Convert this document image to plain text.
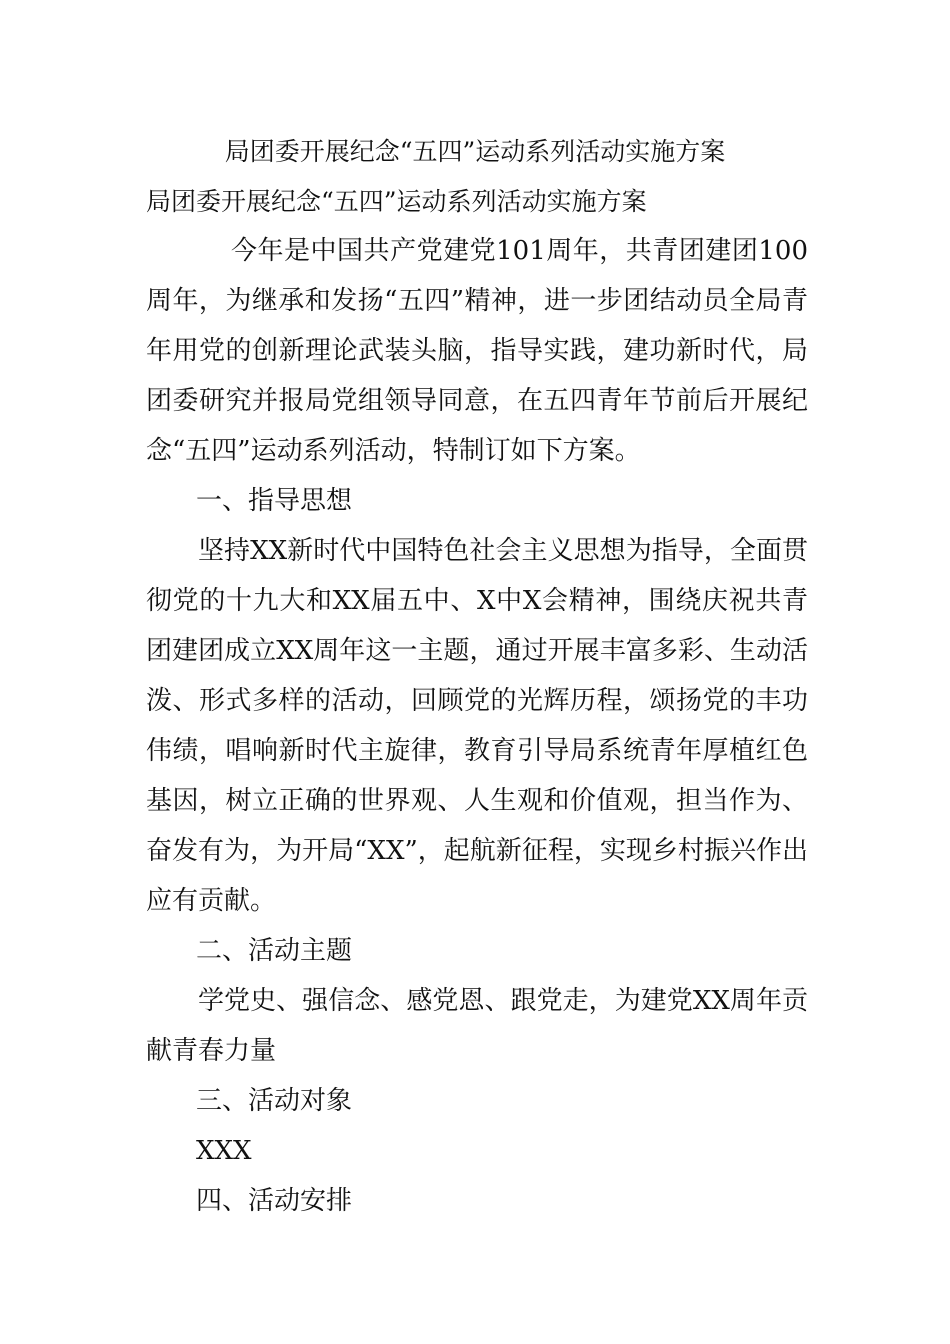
局团委开展纪念“五四”运动系列活动实施方案
局团委开展纪念“五四”运动系列活动实施方案

今年是中国共产党建党101周年，共青团建团100周年，为继承和发扬“五四”精神，进一步团结动员全局青年用党的创新理论武装头脑，指导实践，建功新时代，局团委研究并报局党组领导同意，在五四青年节前后开展纪念“五四”运动系列活动，特制订如下方案。

一、指导思想

坚持XX新时代中国特色社会主义思想为指导，全面贯彻党的十九大和XX届五中、X中X会精神，围绕庆祝共青团建团成立XX周年这一主题，通过开展丰富多彩、生动活泼、形式多样的活动，回顾党的光辉历程，颂扬党的丰功伟绩，唱响新时代主旋律，教育引导局系统青年厚植红色基因，树立正确的世界观、人生观和价值观，担当作为、奋发有为，为开局“XX”，起航新征程，实现乡村振兴作出应有贡献。

二、活动主题

学党史、强信念、感党恩、跟党走，为建党XX周年贡献青春力量

三、活动对象

XXX

四、活动安排
